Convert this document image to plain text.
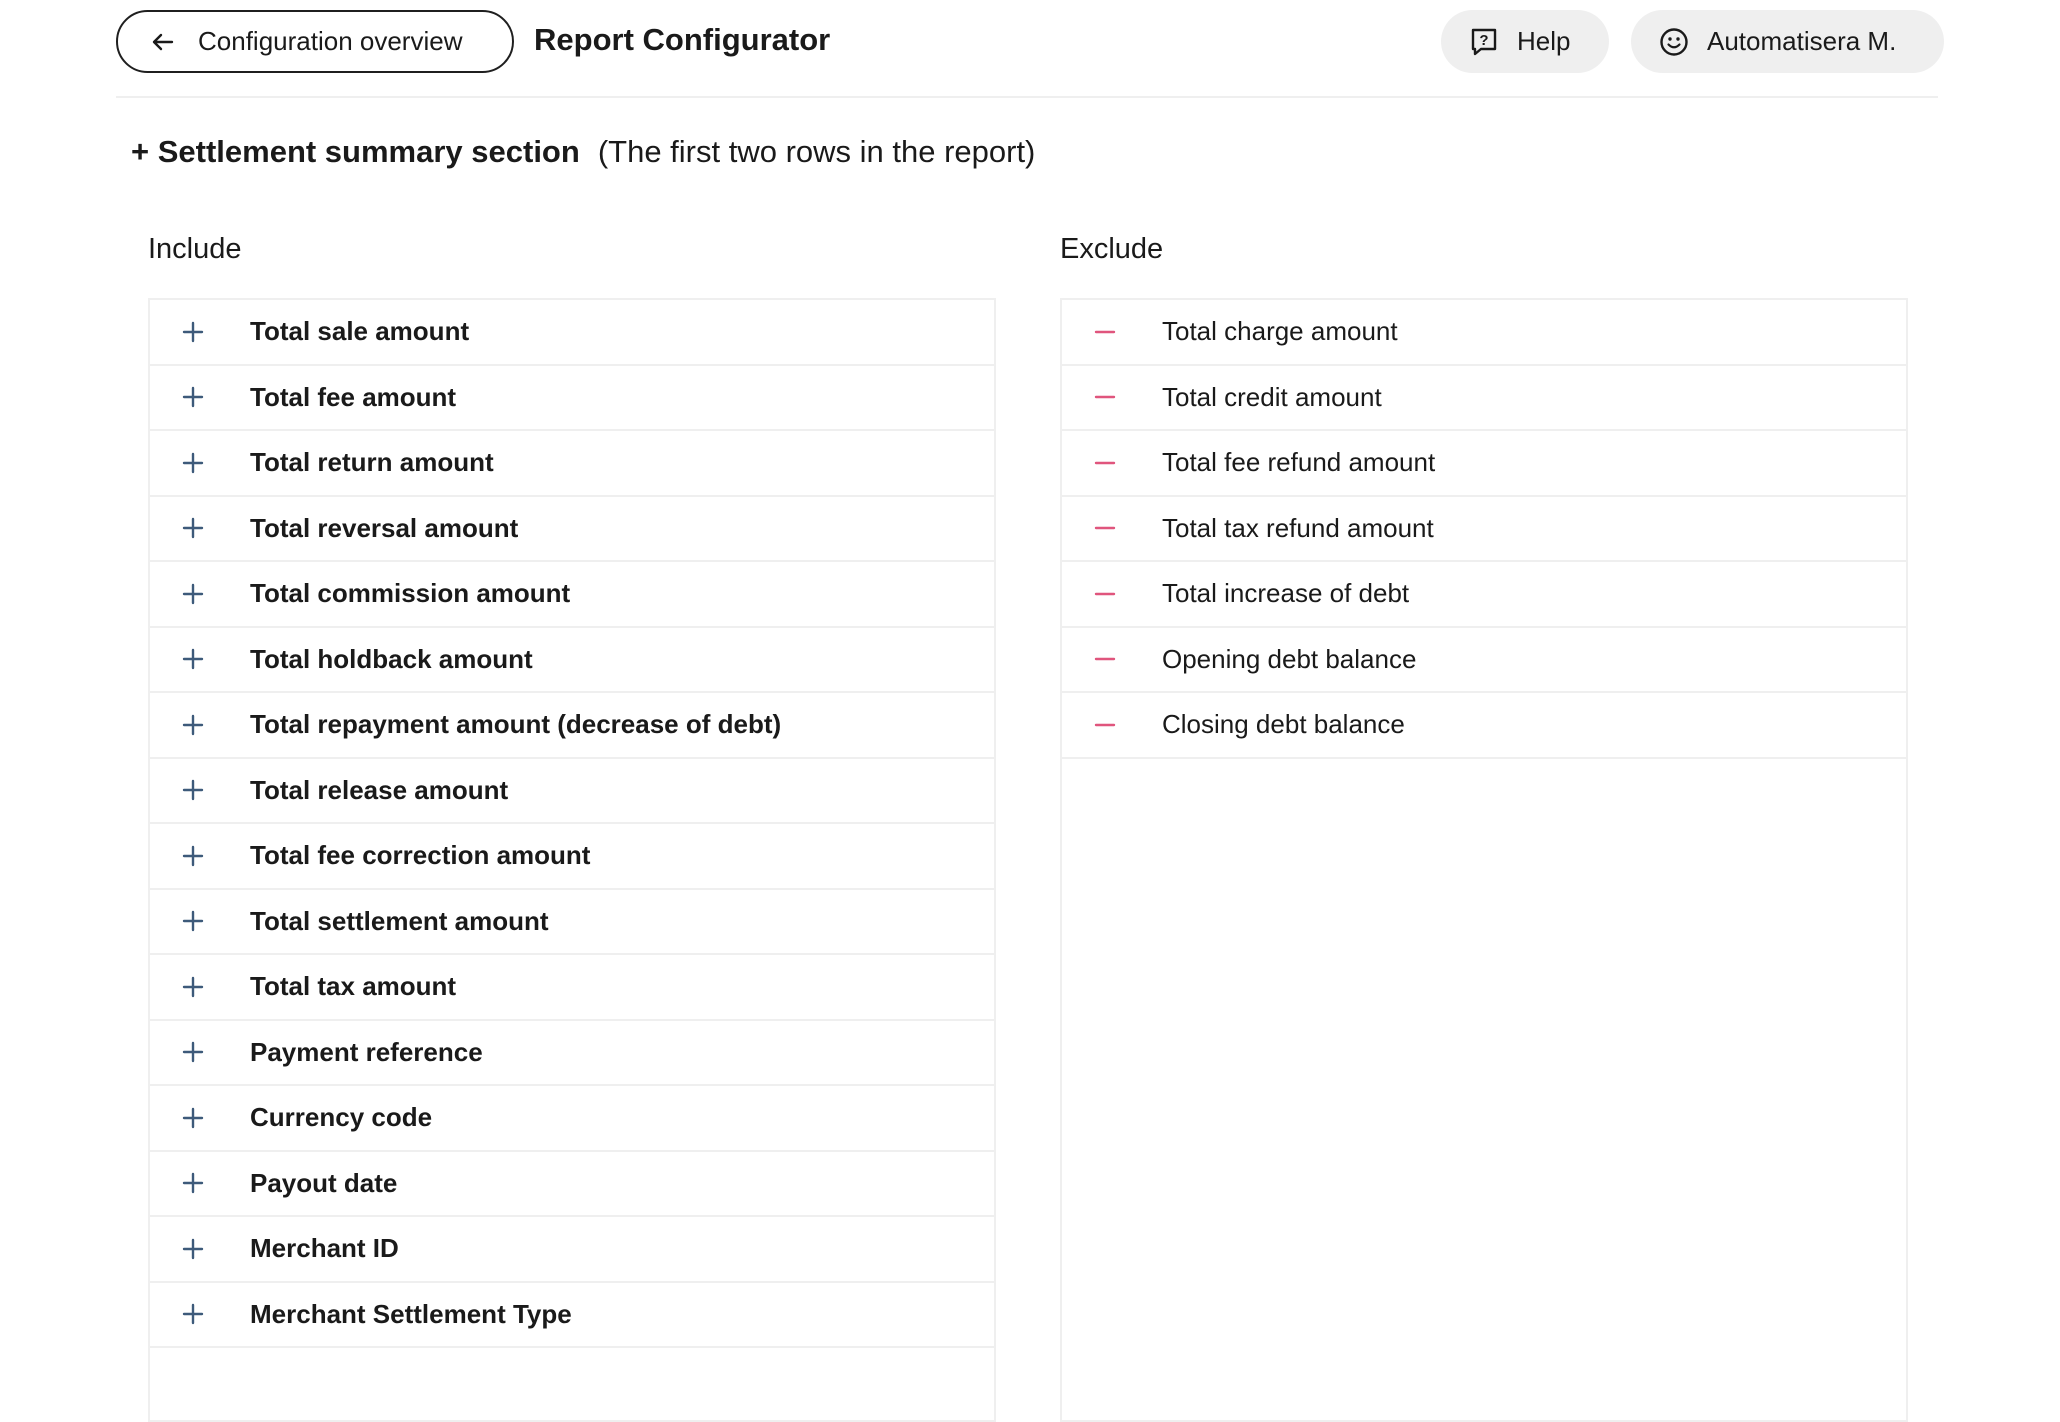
Configuration overview Report Configurator	? Help	Automatisera M.
+ Settlement summary section (The first two rows in the report)
Include	Exclude
Total sale amount
Total fee amount
Total return amount
Total reversal amount
Total commission amount
Total holdback amount
Total repayment amount (decrease of debt)
Total release amount
Total fee correction amount
Total settlement amount
Total tax amount
Payment reference
Currency code
Payout date
Merchant ID
Merchant Settlement Type
Total charge amount
Total credit amount
Total fee refund amount
Total tax refund amount
Total increase of debt
Opening debt balance
Closing debt balance
